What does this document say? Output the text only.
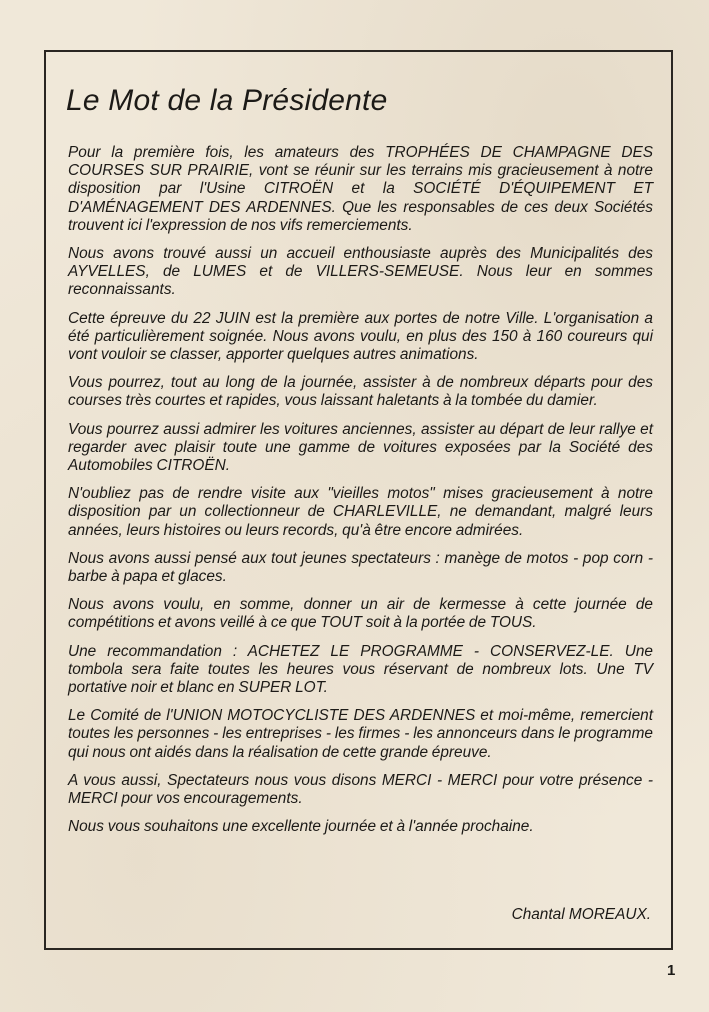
Le Mot de la Présidente

Pour la première fois, les amateurs des TROPHÉES DE CHAMPAGNE DES COURSES SUR PRAIRIE, vont se réunir sur les terrains mis gracieusement à notre disposition par l'Usine CITROËN et la SOCIÉTÉ D'ÉQUIPEMENT ET D'AMÉNAGEMENT DES ARDENNES. Que les responsables de ces deux Sociétés trouvent ici l'expression de nos vifs remerciements.

Nous avons trouvé aussi un accueil enthousiaste auprès des Municipalités des AYVELLES, de LUMES et de VILLERS-SEMEUSE. Nous leur en sommes reconnaissants.

Cette épreuve du 22 JUIN est la première aux portes de notre Ville. L'organisation a été particulièrement soignée. Nous avons voulu, en plus des 150 à 160 coureurs qui vont vouloir se classer, apporter quelques autres animations.

Vous pourrez, tout au long de la journée, assister à de nombreux départs pour des courses très courtes et rapides, vous laissant haletants à la tombée du damier.

Vous pourrez aussi admirer les voitures anciennes, assister au départ de leur rallye et regarder avec plaisir toute une gamme de voitures exposées par la Société des Automobiles CITROËN.

N'oubliez pas de rendre visite aux "vieilles motos" mises gracieusement à notre disposition par un collectionneur de CHARLEVILLE, ne demandant, malgré leurs années, leurs histoires ou leurs records, qu'à être encore admirées.

Nous avons aussi pensé aux tout jeunes spectateurs : manège de motos - pop corn - barbe à papa et glaces.

Nous avons voulu, en somme, donner un air de kermesse à cette journée de compétitions et avons veillé à ce que TOUT soit à la portée de TOUS.

Une recommandation : ACHETEZ LE PROGRAMME - CONSERVEZ-LE. Une tombola sera faite toutes les heures vous réservant de nombreux lots. Une TV portative noir et blanc en SUPER LOT.

Le Comité de l'UNION MOTOCYCLISTE DES ARDENNES et moi-même, remercient toutes les personnes - les entreprises - les firmes - les annonceurs dans le programme qui nous ont aidés dans la réalisation de cette grande épreuve.

A vous aussi, Spectateurs nous vous disons MERCI - MERCI pour votre présence - MERCI pour vos encouragements.

Nous vous souhaitons une excellente journée et à l'année prochaine.

Chantal MOREAUX.

1
